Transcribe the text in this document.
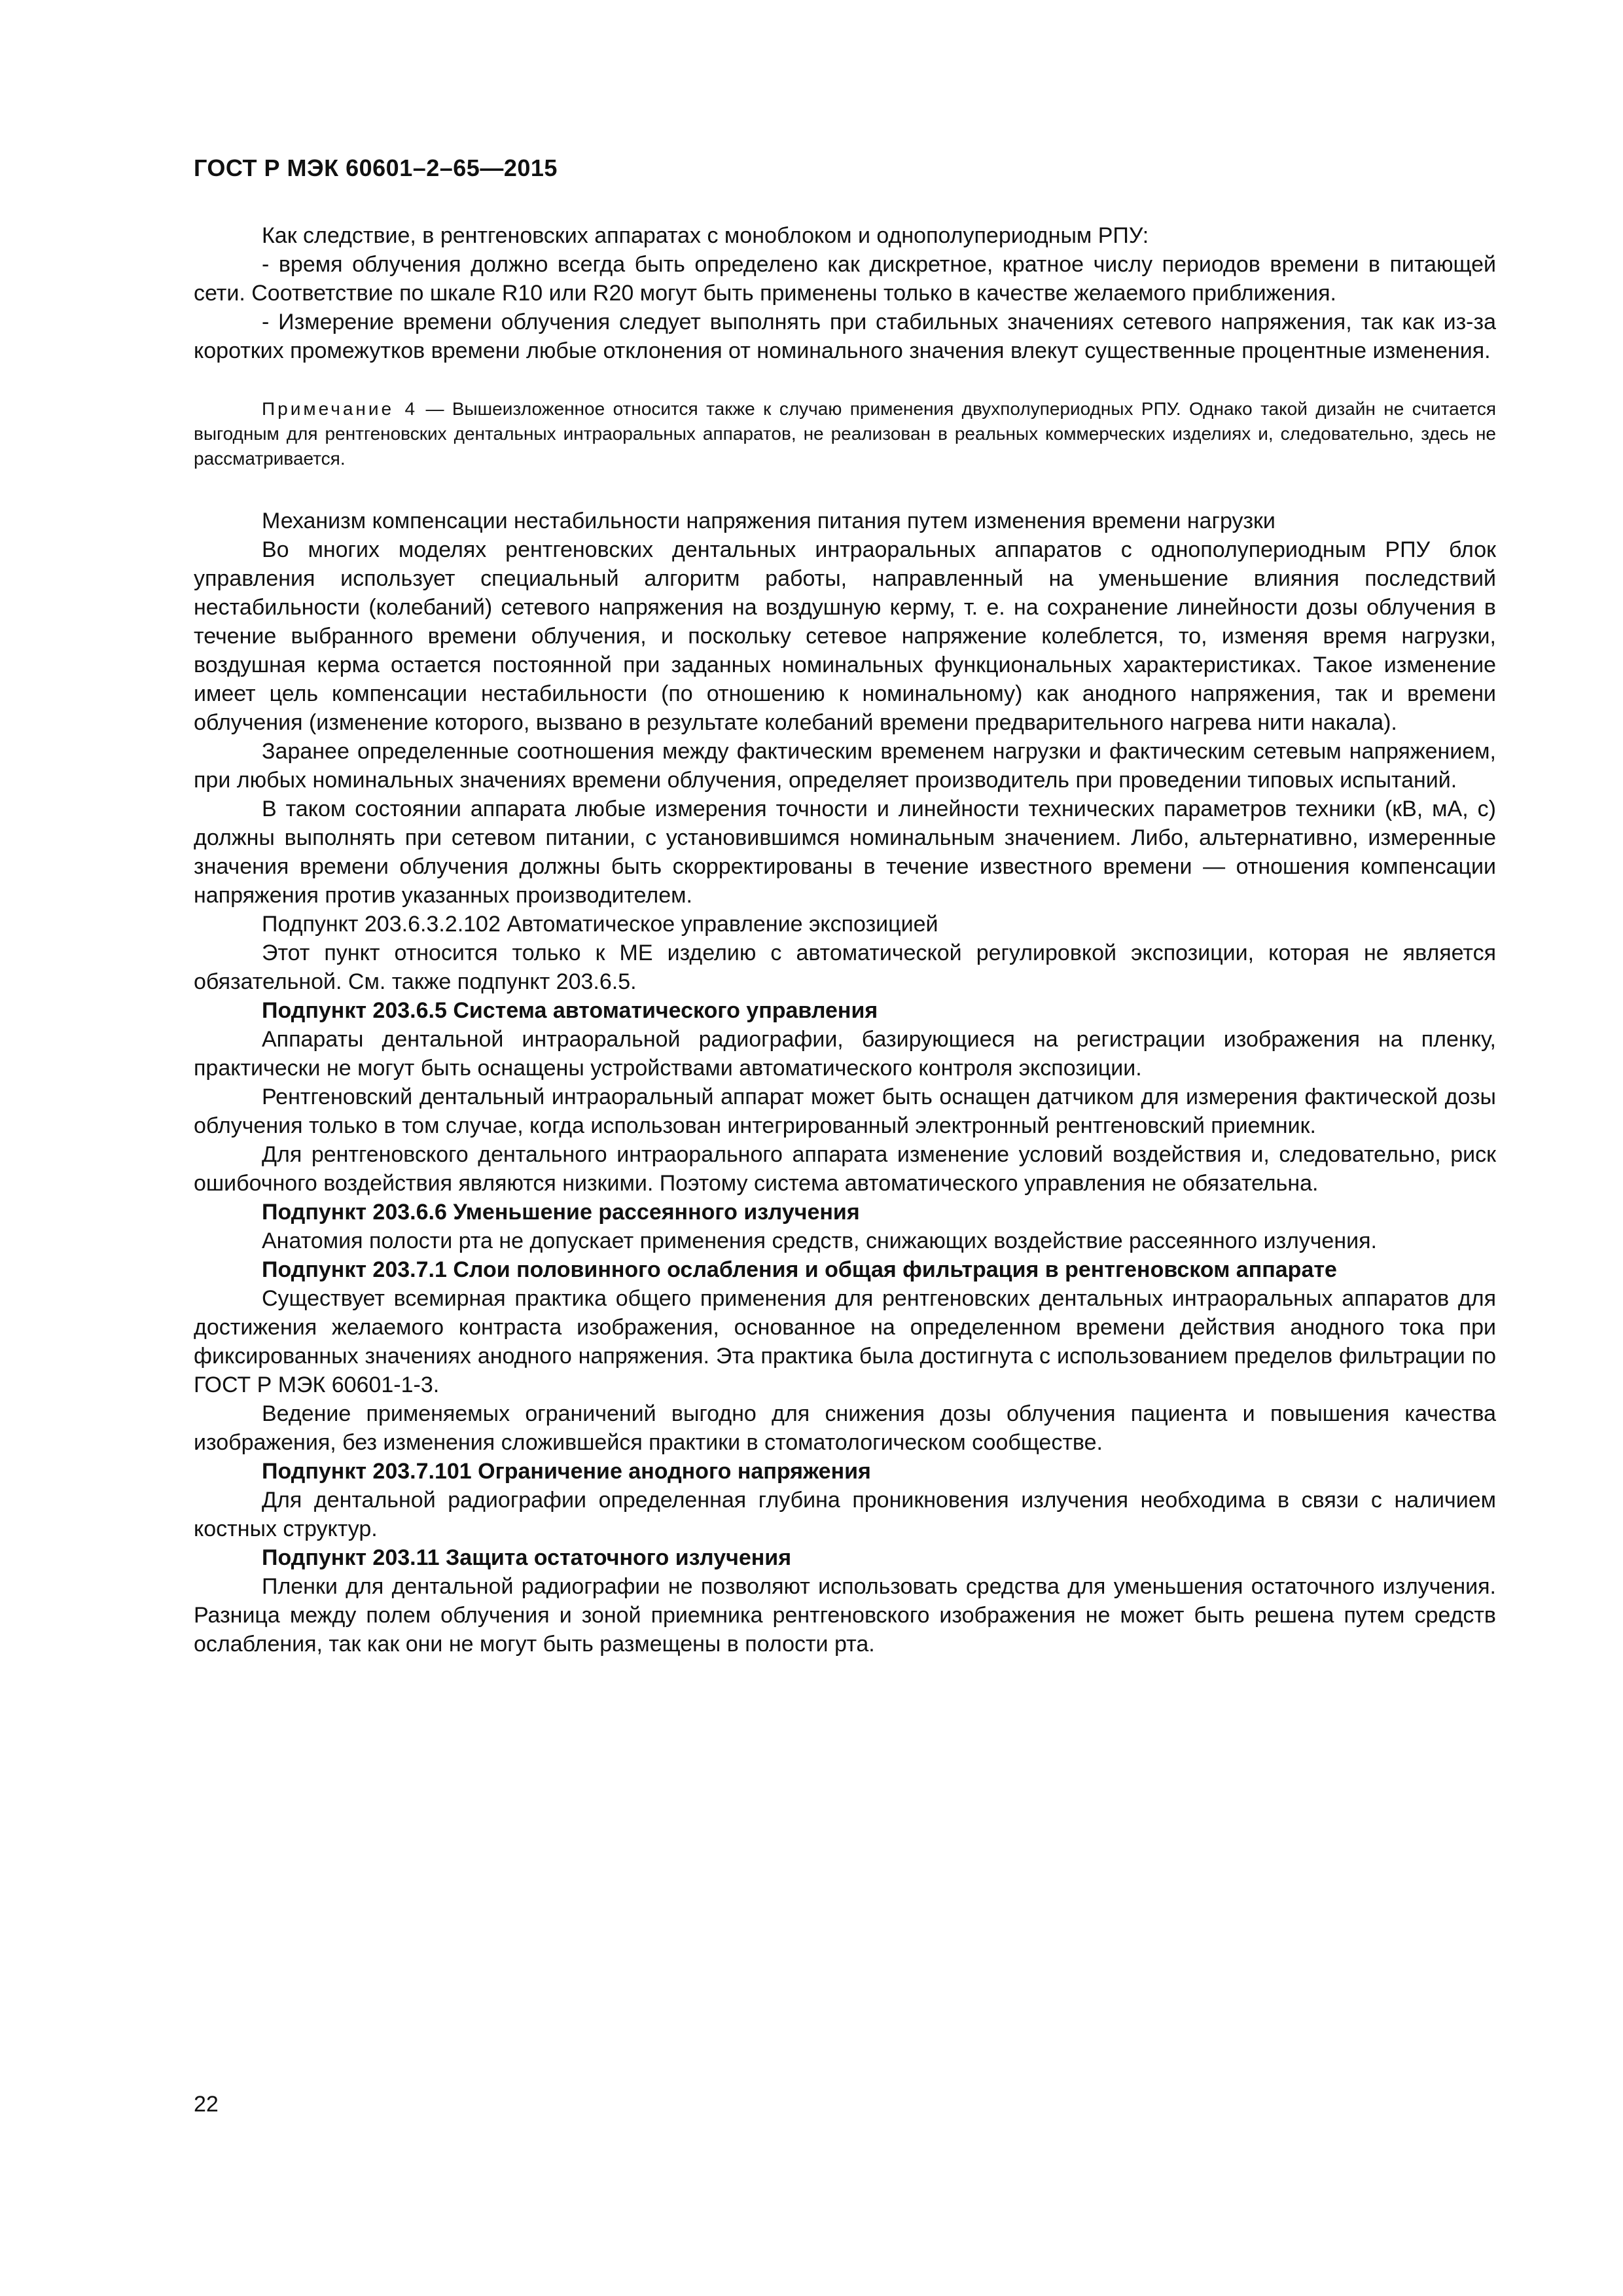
ГОСТ Р МЭК 60601–2–65—2015

Как следствие, в рентгеновских аппаратах с моноблоком и однополупериодным РПУ:

- время облучения должно всегда быть определено как дискретное, кратное числу периодов времени в питающей сети. Соответствие по шкале R10 или R20 могут быть применены только в качестве желаемого приближения.

- Измерение времени облучения следует выполнять при стабильных значениях сетевого напряжения, так как из-за коротких промежутков времени любые отклонения от номинального значения влекут существенные процентные изменения.

Примечание 4 — Вышеизложенное относится также к случаю применения двухполупериодных РПУ. Однако такой дизайн не считается выгодным для рентгеновских дентальных интраоральных аппаратов, не реализован в реальных коммерческих изделиях и, следовательно, здесь не рассматривается.

Механизм компенсации нестабильности напряжения питания путем изменения времени нагрузки

Во многих моделях рентгеновских дентальных интраоральных аппаратов с однополупериодным РПУ блок управления использует специальный алгоритм работы, направленный на уменьшение влияния последствий нестабильности (колебаний) сетевого напряжения на воздушную керму, т. е. на сохранение линейности дозы облучения в течение выбранного времени облучения, и поскольку сетевое напряжение колеблется, то, изменяя время нагрузки, воздушная керма остается постоянной при заданных номинальных функциональных характеристиках. Такое изменение имеет цель компенсации нестабильности (по отношению к номинальному) как анодного напряжения, так и времени облучения (изменение которого, вызвано в результате колебаний времени предварительного нагрева нити накала).

Заранее определенные соотношения между фактическим временем нагрузки и фактическим сетевым напряжением, при любых номинальных значениях времени облучения, определяет производитель при проведении типовых испытаний.

В таком состоянии аппарата любые измерения точности и линейности технических параметров техники (кВ, мА, с) должны выполнять при сетевом питании, с установившимся номинальным значением. Либо, альтернативно, измеренные значения времени облучения должны быть скорректированы в течение известного времени — отношения компенсации напряжения против указанных производителем.

Подпункт 203.6.3.2.102 Автоматическое управление экспозицией

Этот пункт относится только к МЕ изделию с автоматической регулировкой экспозиции, которая не является обязательной. См. также подпункт 203.6.5.

Подпункт 203.6.5 Система автоматического управления

Аппараты дентальной интраоральной радиографии, базирующиеся на регистрации изображения на пленку, практически не могут быть оснащены устройствами автоматического контроля экспозиции.

Рентгеновский дентальный интраоральный аппарат может быть оснащен датчиком для измерения фактической дозы облучения только в том случае, когда использован интегрированный электронный рентгеновский приемник.

Для рентгеновского дентального интраорального аппарата изменение условий воздействия и, следовательно, риск ошибочного воздействия являются низкими. Поэтому система автоматического управления не обязательна.

Подпункт 203.6.6 Уменьшение рассеянного излучения

Анатомия полости рта не допускает применения средств, снижающих воздействие рассеянного излучения.

Подпункт 203.7.1 Слои половинного ослабления и общая фильтрация в рентгеновском аппарате

Существует всемирная практика общего применения для рентгеновских дентальных интраоральных аппаратов для достижения желаемого контраста изображения, основанное на определенном времени действия анодного тока при фиксированных значениях анодного напряжения. Эта практика была достигнута с использованием пределов фильтрации по ГОСТ Р МЭК 60601-1-3.

Ведение применяемых ограничений выгодно для снижения дозы облучения пациента и повышения качества изображения, без изменения сложившейся практики в стоматологическом сообществе.

Подпункт 203.7.101 Ограничение анодного напряжения

Для дентальной радиографии определенная глубина проникновения излучения необходима в связи с наличием костных структур.

Подпункт 203.11 Защита остаточного излучения

Пленки для дентальной радиографии не позволяют использовать средства для уменьшения остаточного излучения. Разница между полем облучения и зоной приемника рентгеновского изображения не может быть решена путем средств ослабления, так как они не могут быть размещены в полости рта.

22
